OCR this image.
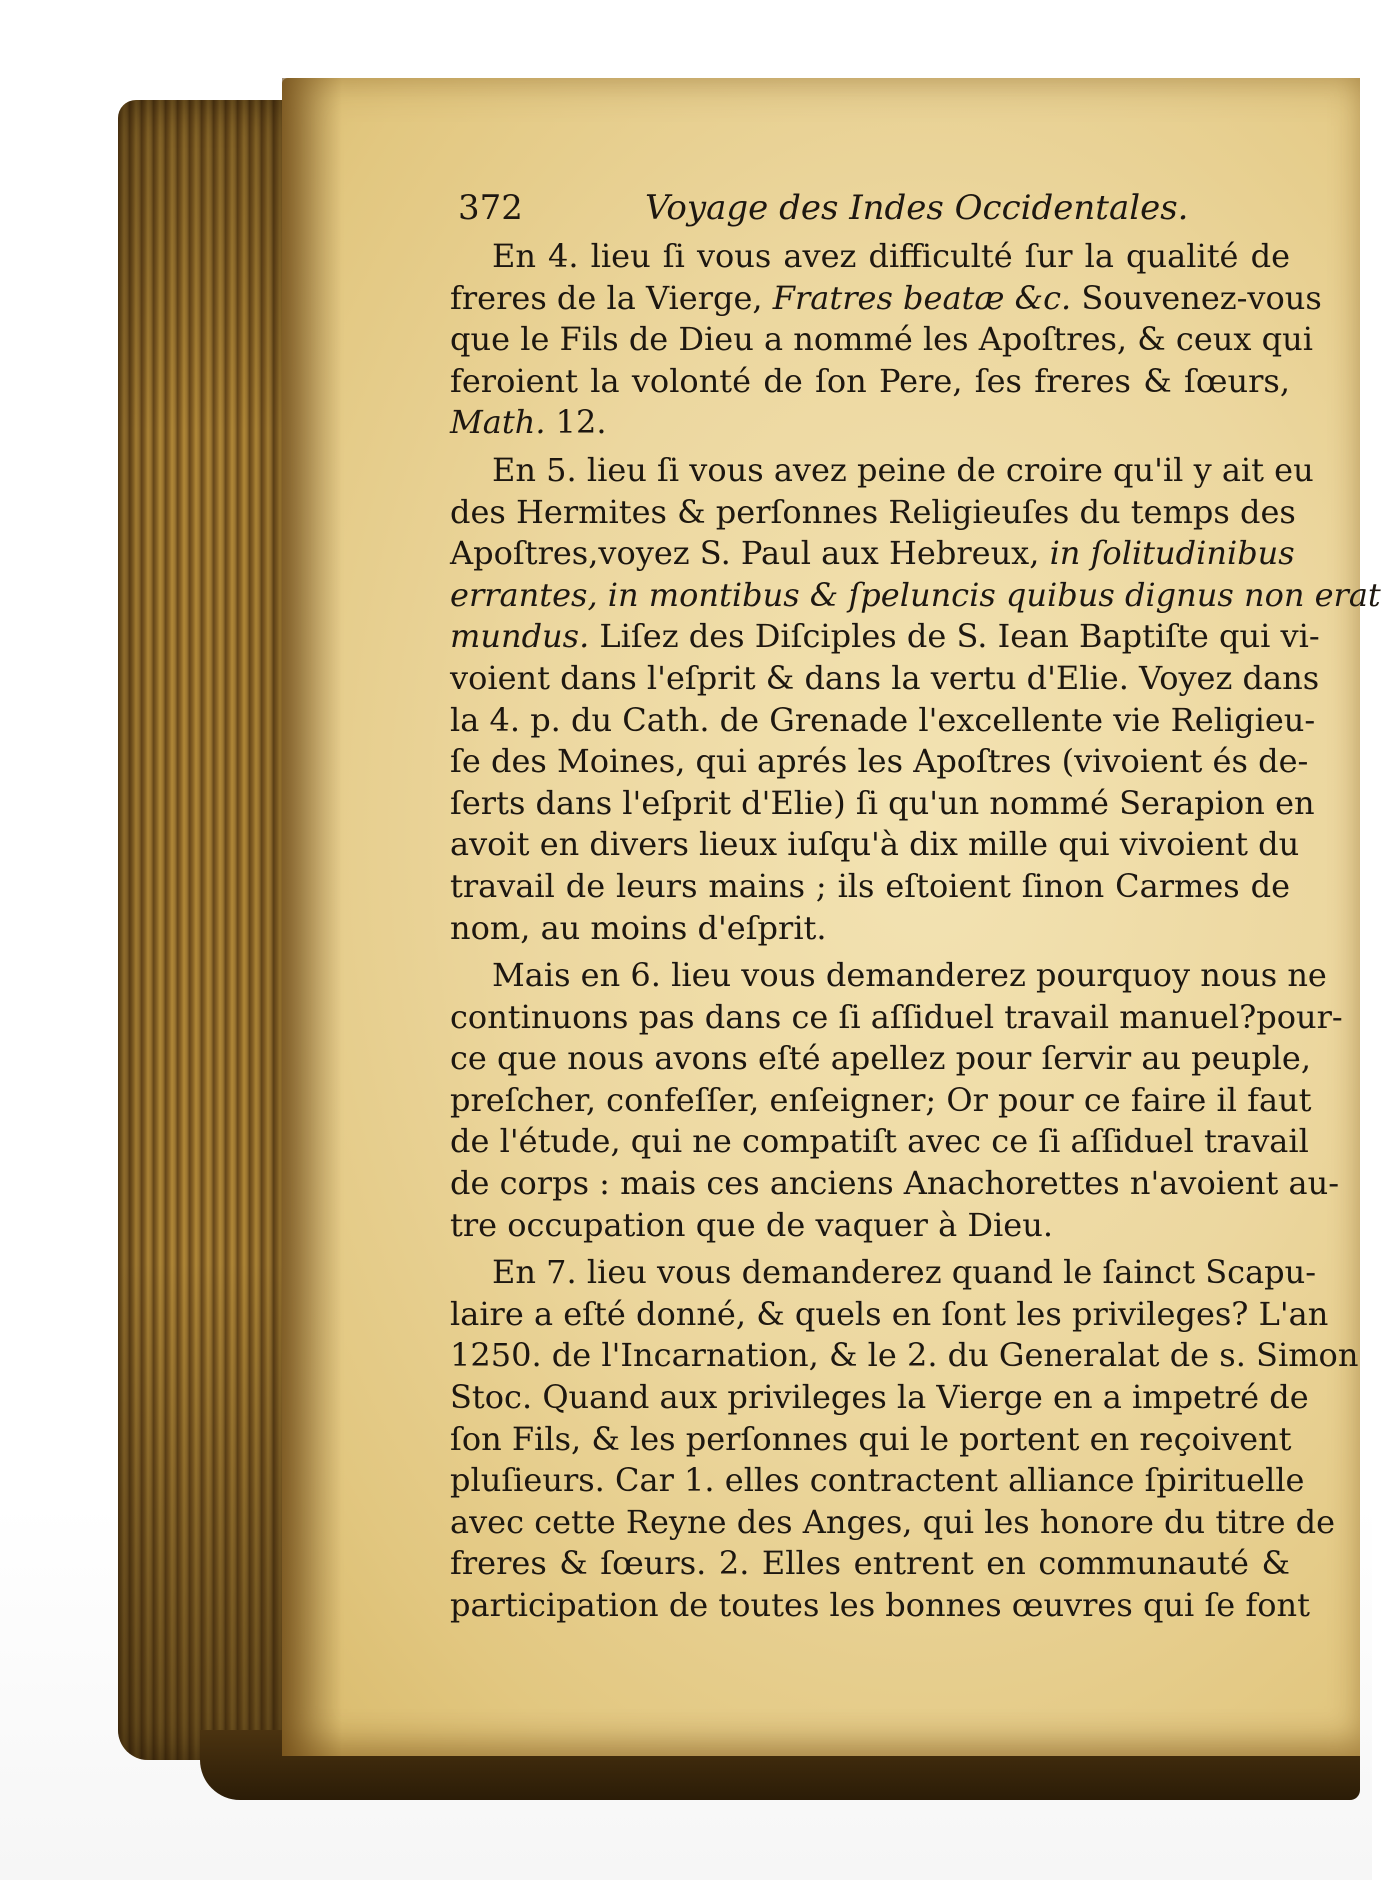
372	Voyage des Indes Occidentales.
En 4. lieu ſi vous avez difficulté ſur la qualité de
freres de la Vierge, Fratres beatæ &c. Souvenez-vous
que le Fils de Dieu a nommé les Apoſtres, & ceux qui
feroient la volonté de ſon Pere, ſes freres & ſœurs,
Math. 12.
En 5. lieu ſi vous avez peine de croire qu'il y ait eu
des Hermites & perſonnes Religieuſes du temps des
Apoſtres,voyez S. Paul aux Hebreux, in ſolitudinibus
errantes, in montibus & ſpeluncis quibus dignus non erat
mundus. Liſez des Diſciples de S. Iean Baptiſte qui vi-
voient dans l'eſprit & dans la vertu d'Elie. Voyez dans
la 4. p. du Cath. de Grenade l'excellente vie Religieu-
ſe des Moines, qui aprés les Apoſtres (vivoient és de-
ſerts dans l'eſprit d'Elie) ſi qu'un nommé Serapion en
avoit en divers lieux iuſqu'à dix mille qui vivoient du
travail de leurs mains ; ils eſtoient ſinon Carmes de
nom, au moins d'eſprit.
Mais en 6. lieu vous demanderez pourquoy nous ne
continuons pas dans ce ſi aſſiduel travail manuel?pour-
ce que nous avons eſté apellez pour ſervir au peuple,
preſcher, confeſſer, enſeigner; Or pour ce faire il faut
de l'étude, qui ne compatiſt avec ce ſi aſſiduel travail
de corps : mais ces anciens Anachorettes n'avoient au-
tre occupation que de vaquer à Dieu.
En 7. lieu vous demanderez quand le ſainct Scapu-
laire a eſté donné, & quels en ſont les privileges? L'an
1250. de l'Incarnation, & le 2. du Generalat de s. Simon
Stoc. Quand aux privileges la Vierge en a impetré de
ſon Fils, & les perſonnes qui le portent en reçoivent
pluſieurs. Car 1. elles contractent alliance ſpirituelle
avec cette Reyne des Anges, qui les honore du titre de
freres & ſœurs. 2. Elles entrent en communauté &
participation de toutes les bonnes œuvres qui ſe font
